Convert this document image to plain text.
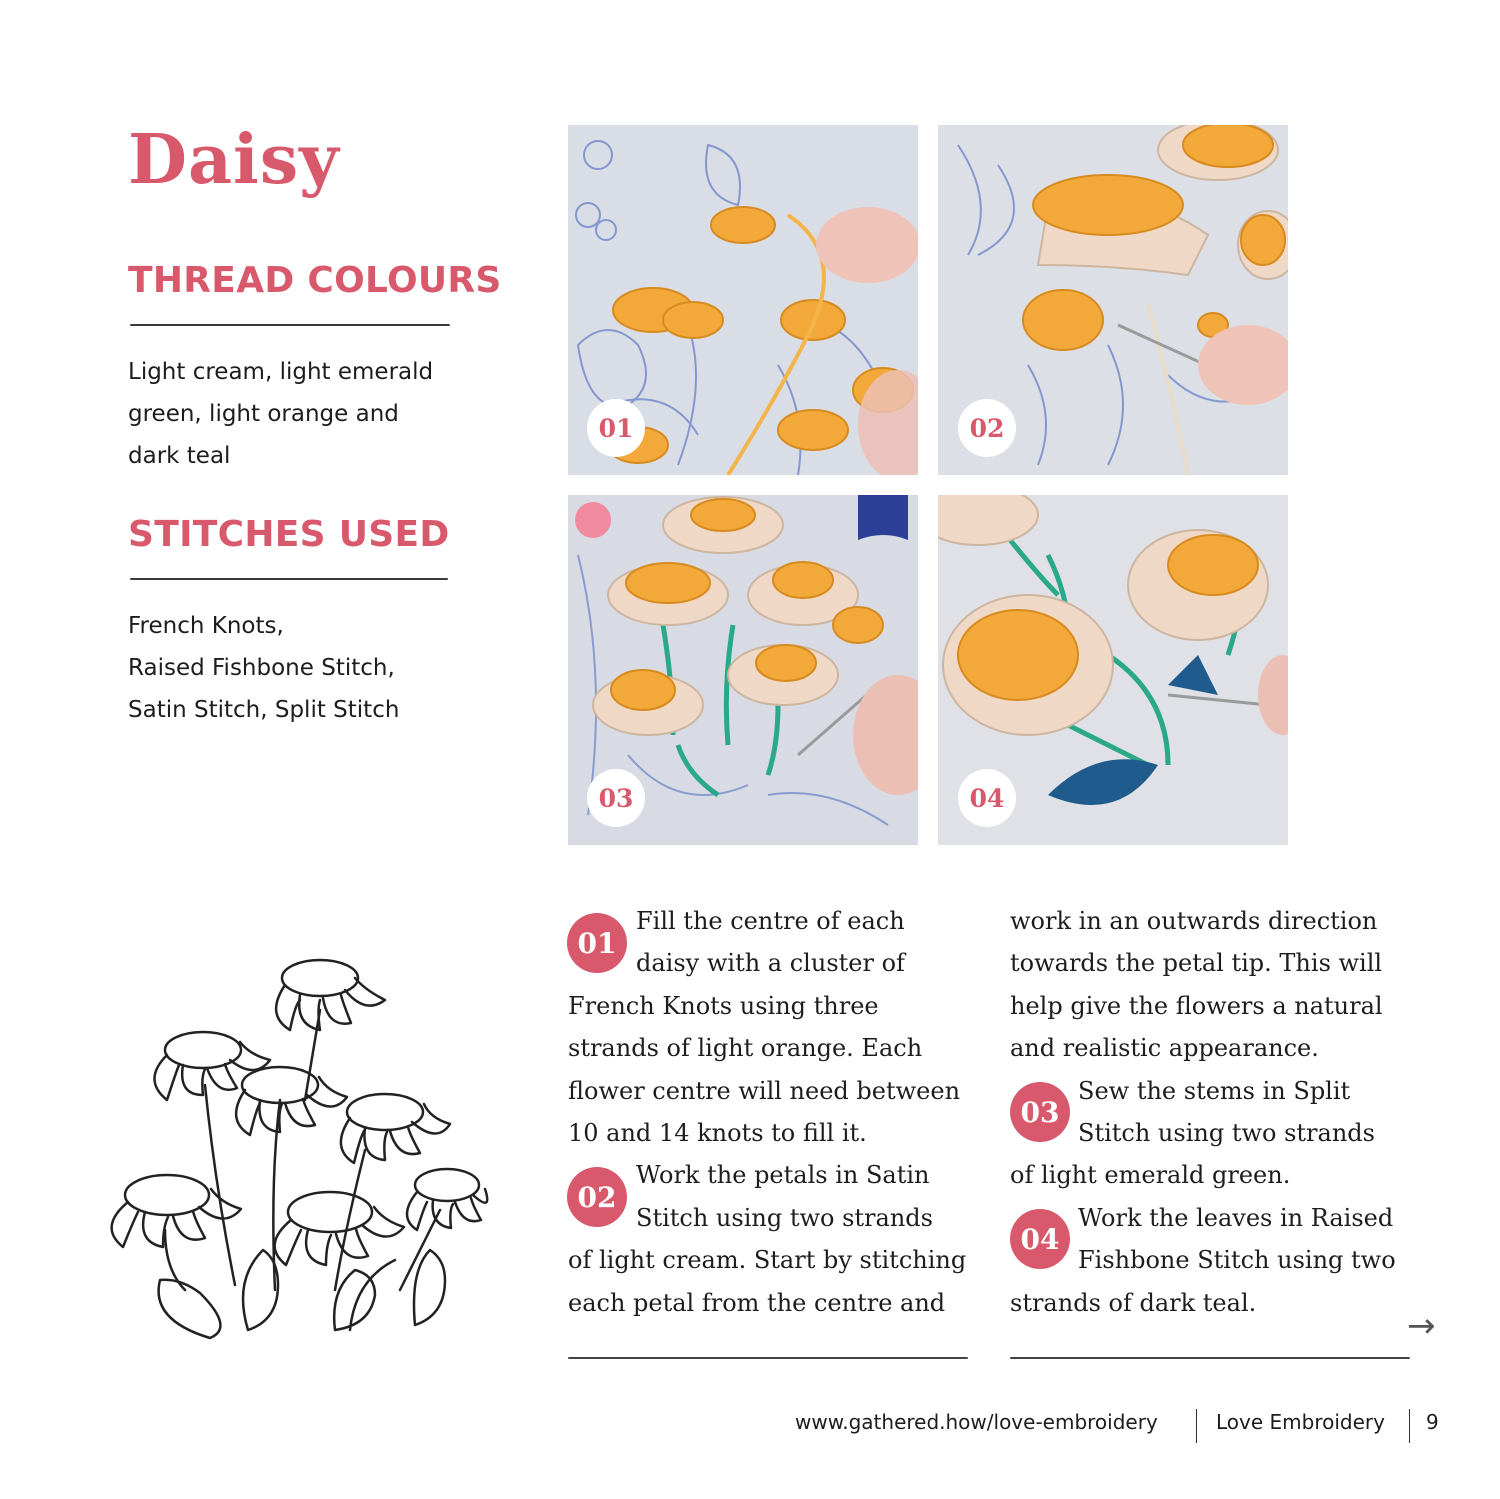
Daisy
THREAD COLOURS
Light cream, light emerald
green, light orange and
dark teal
STITCHES USED
French Knots,
Raised Fishbone Stitch,
Satin Stitch, Split Stitch
01	02
03	04
01
Fill the centre of each
daisy with a cluster of
French Knots using three
strands of light orange. Each
flower centre will need between
10 and 14 knots to fill it.
Work the petals in Satin
Stitch using two strands
of light cream. Start by stitching
each petal from the centre and
02
work in an outwards direction
towards the petal tip. This will
help give the flowers a natural
and realistic appearance.
Sew the stems in Split
Stitch using two strands
of light emerald green.
Work the leaves in Raised
Fishbone Stitch using two
strands of dark teal.
03
04
→
www.gathered.how/love-embroidery	Love Embroidery 9
